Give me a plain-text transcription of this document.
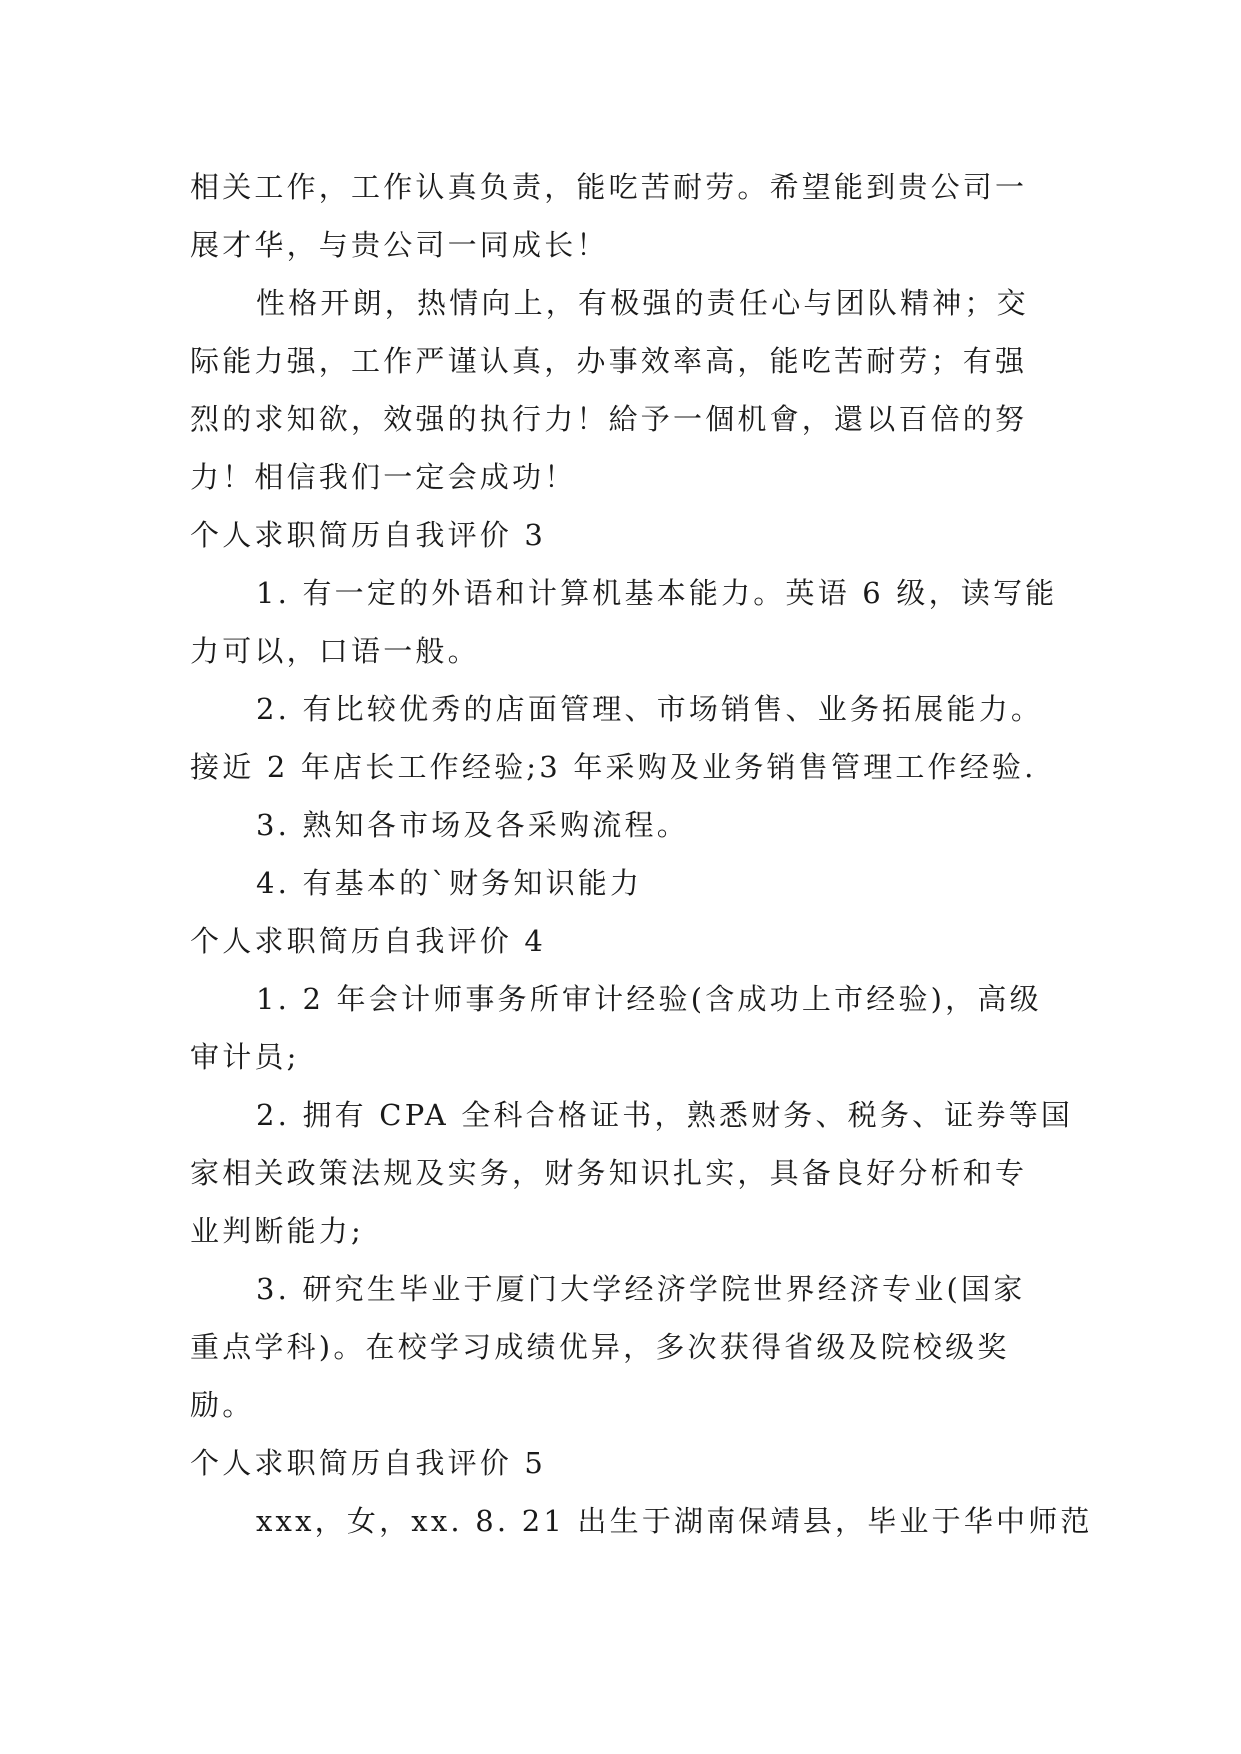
相关工作，工作认真负责，能吃苦耐劳。希望能到贵公司一
展才华，与贵公司一同成长！
性格开朗，热情向上，有极强的责任心与团队精神；交
际能力强，工作严谨认真，办事效率高，能吃苦耐劳；有强
烈的求知欲，效强的执行力！給予一個机會，還以百倍的努
力！相信我们一定会成功！
个人求职简历自我评价 3
1. 有一定的外语和计算机基本能力。英语 6 级，读写能
力可以，口语一般。
2. 有比较优秀的店面管理、市场销售、业务拓展能力。
接近 2 年店长工作经验;3 年采购及业务销售管理工作经验.
3. 熟知各市场及各采购流程。
4. 有基本的`财务知识能力
个人求职简历自我评价 4
1. 2 年会计师事务所审计经验(含成功上市经验)，高级
审计员;
2. 拥有 CPA 全科合格证书，熟悉财务、税务、证券等国
家相关政策法规及实务，财务知识扎实，具备良好分析和专
业判断能力;
3. 研究生毕业于厦门大学经济学院世界经济专业(国家
重点学科)。在校学习成绩优异，多次获得省级及院校级奖
励。
个人求职简历自我评价 5
xxx，女，xx. 8. 21 出生于湖南保靖县，毕业于华中师范
